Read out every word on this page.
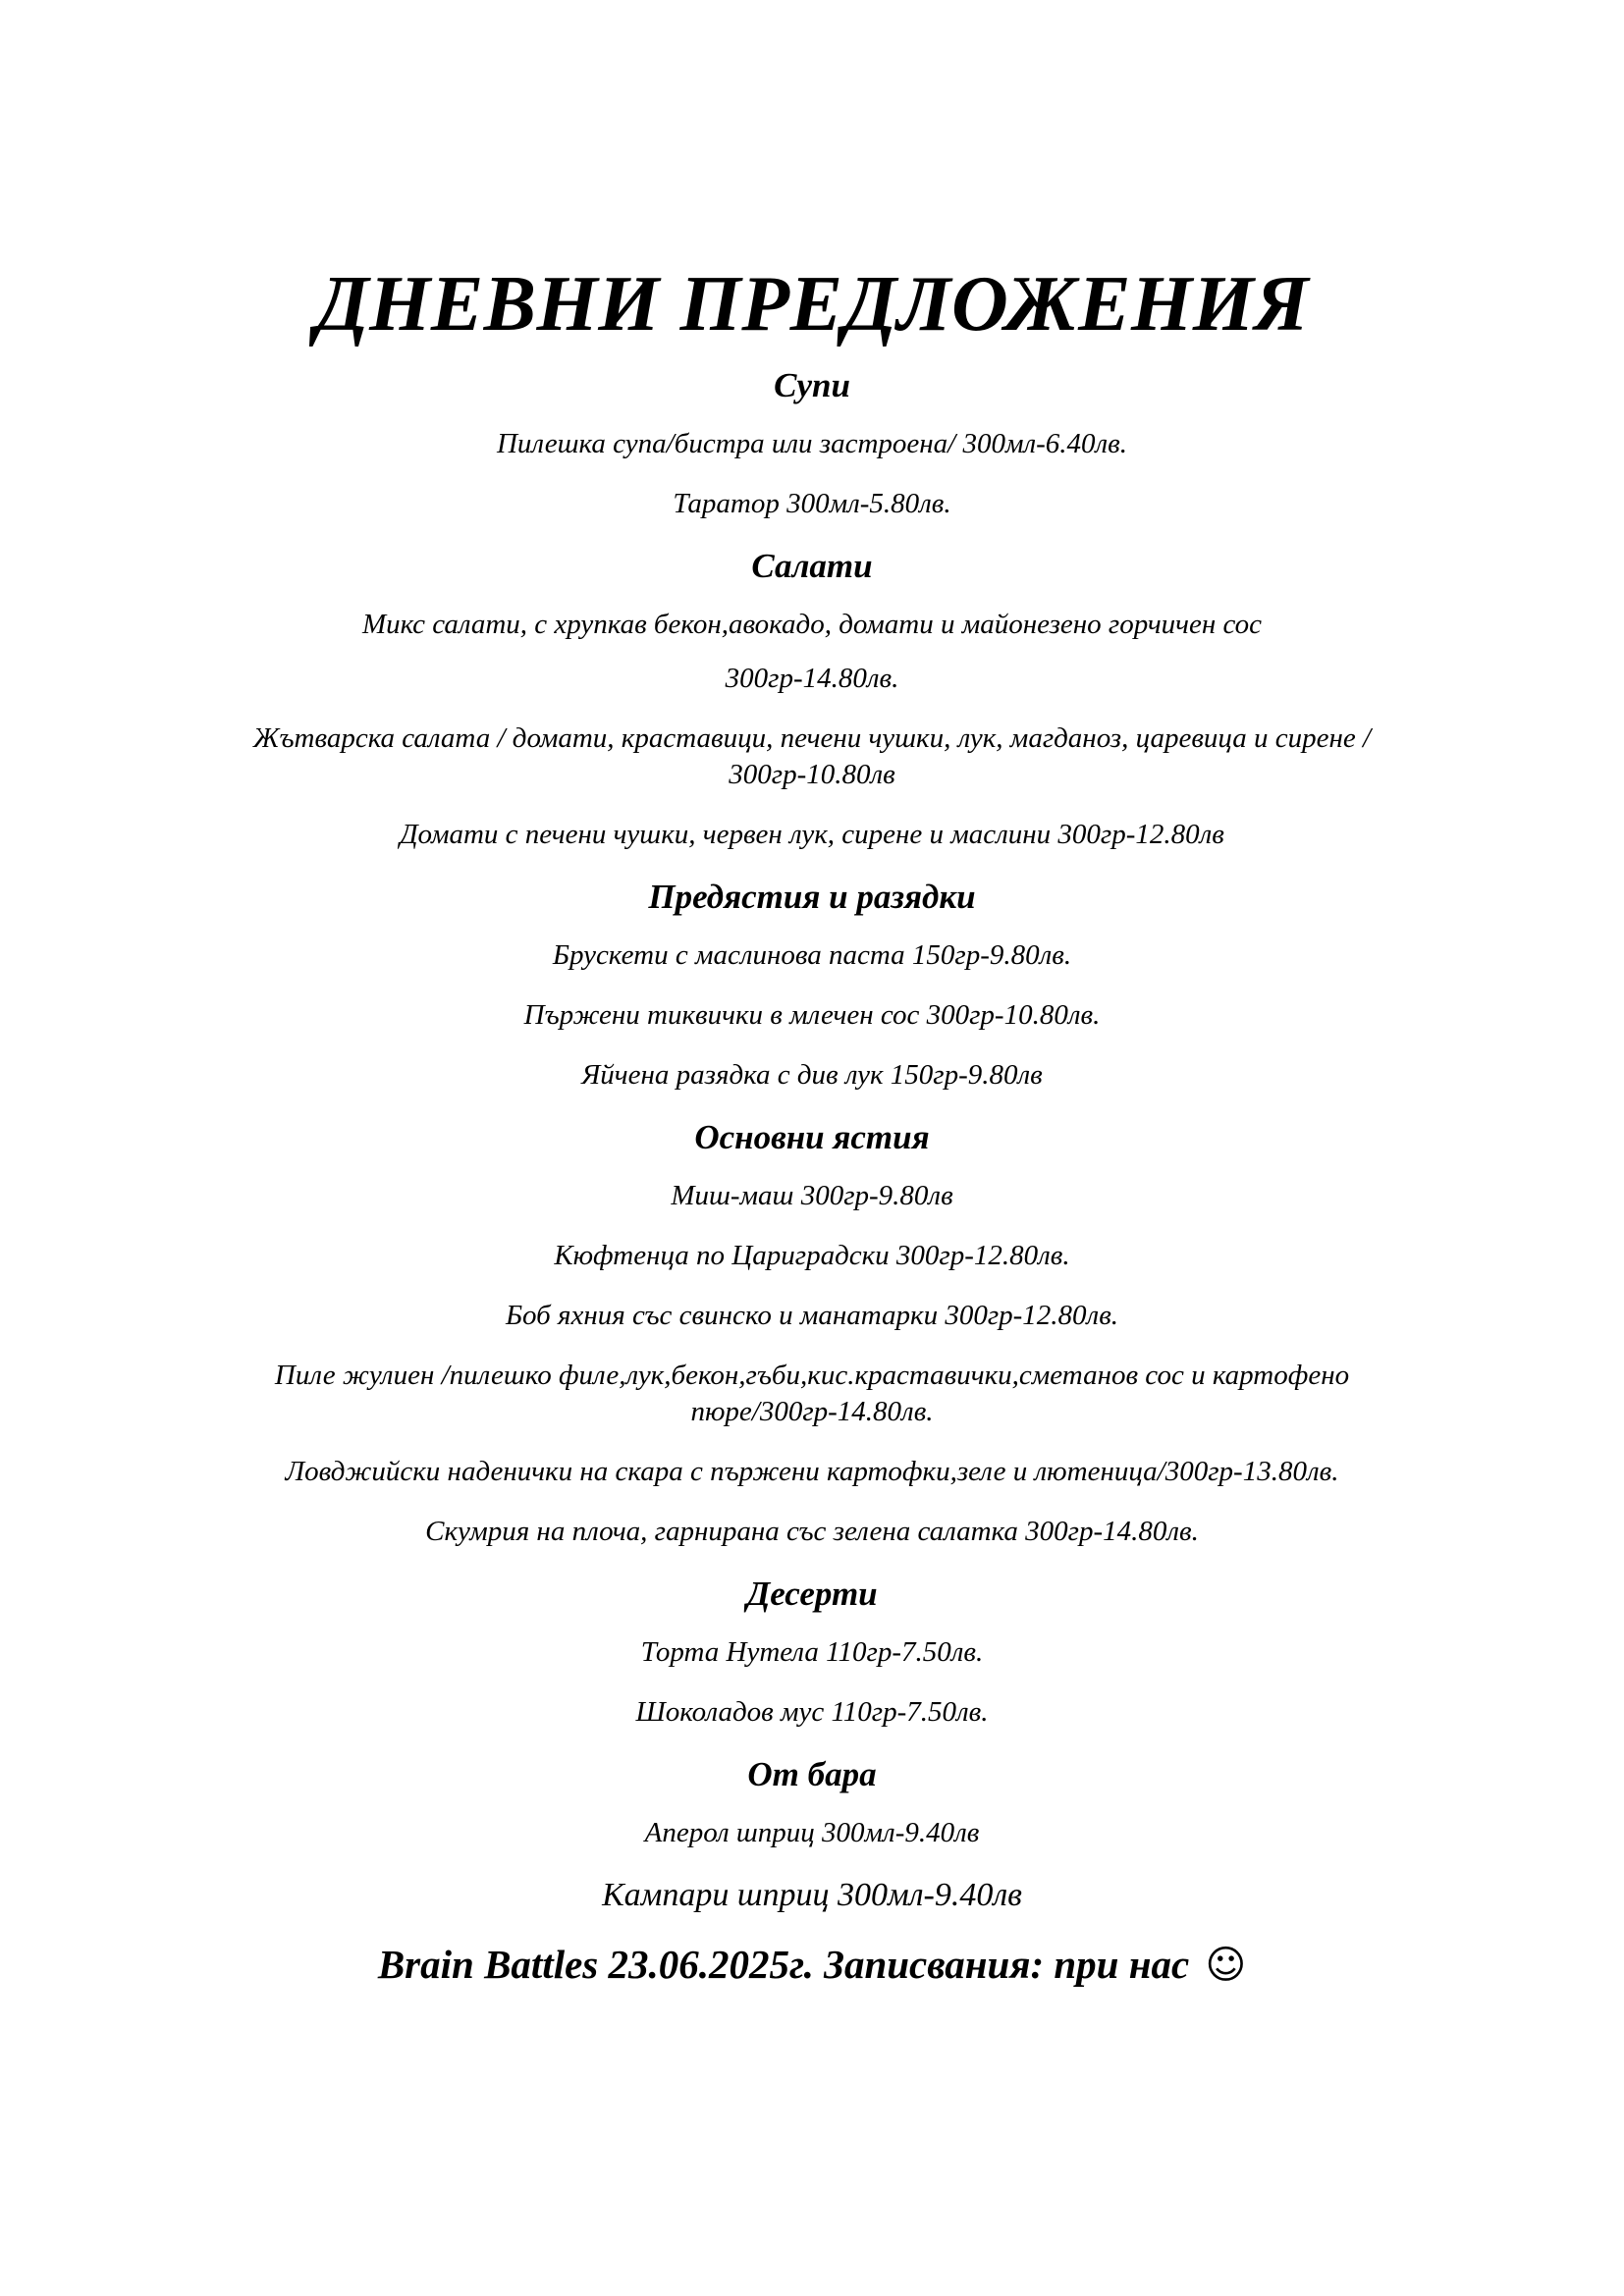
ДНЕВНИ ПРЕДЛОЖЕНИЯ
Супи
Пилешка супа/бистра или застроена/ 300мл-6.40лв.
Таратор 300мл-5.80лв.
Салати
Микс салати, с хрупкав бекон,авокадо, домати и майонезено горчичен сос
300гр-14.80лв.
Жътварска салата / домати, краставици, печени чушки, лук, магданоз, царевица и сирене / 300гр-10.80лв
Домати с печени чушки, червен лук, сирене и маслини 300гр-12.80лв
Предястия и разядки
Брускети с маслинова паста 150гр-9.80лв.
Пържени тиквички в млечен сос 300гр-10.80лв.
Яйчена разядка с див лук 150гр-9.80лв
Основни ястия
Миш-маш 300гр-9.80лв
Кюфтенца по Цариградски 300гр-12.80лв.
Боб яхния със свинско и манатарки 300гр-12.80лв.
Пиле жулиен /пилешко филе,лук,бекон,гъби,кис.краставички,сметанов сос и картофено пюре/300гр-14.80лв.
Ловджийски наденички на скара с пържени картофки,зеле и лютеница/300гр-13.80лв.
Скумрия на плоча, гарнирана със зелена салатка 300гр-14.80лв.
Десерти
Торта Нутела 110гр-7.50лв.
Шоколадов мус 110гр-7.50лв.
От бара
Аперол шприц 300мл-9.40лв
Кампари шприц 300мл-9.40лв
Brain Battles 23.06.2025г. Записвания: при нас ☺
